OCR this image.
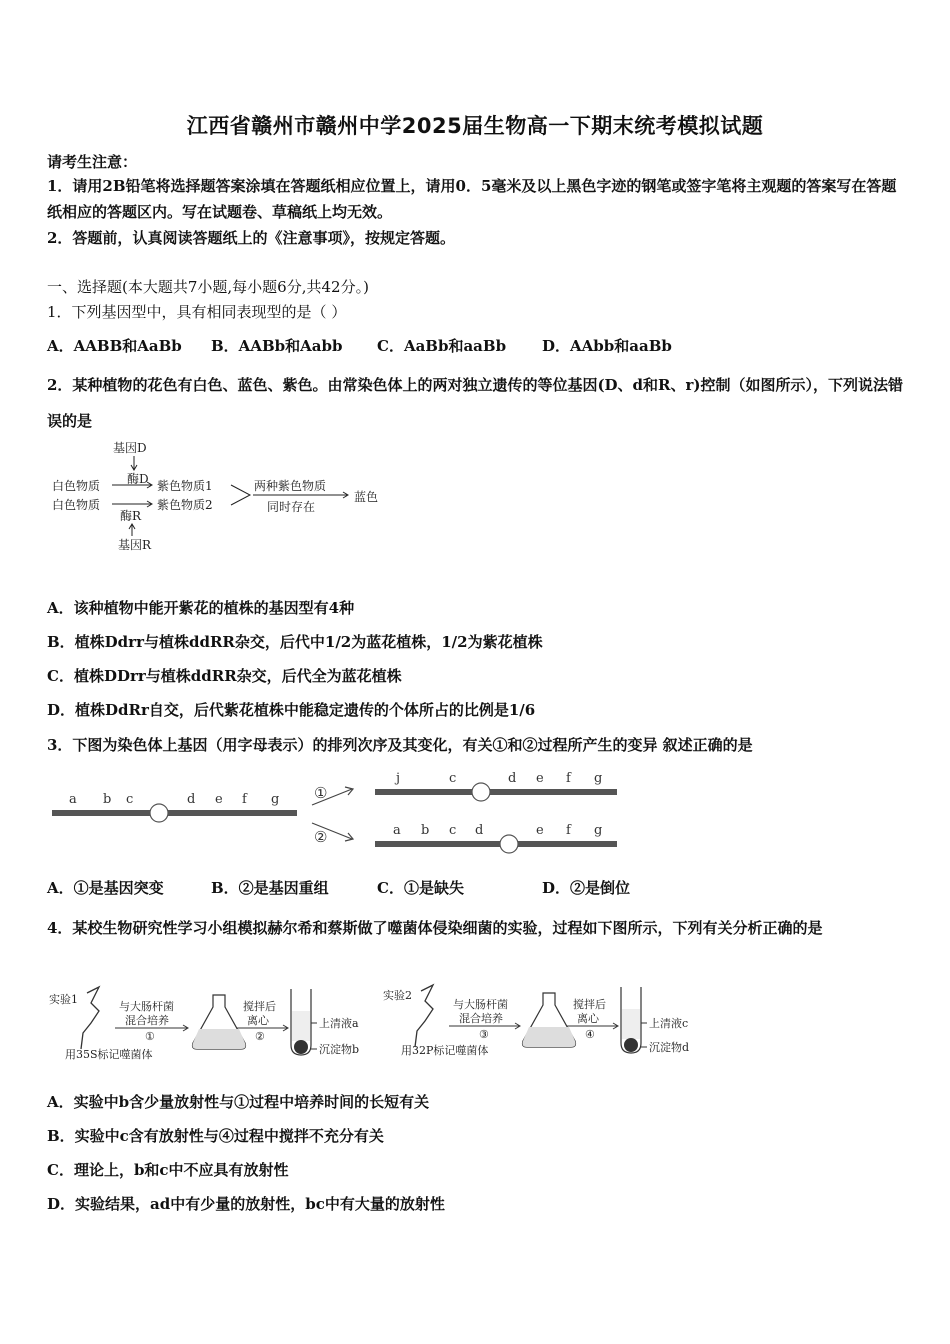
江西省赣州市赣州中学2025届生物高一下期末统考模拟试题
请考生注意：
1．请用2B铅笔将选择题答案涂填在答题纸相应位置上，请用0．5毫米及以上黑色字迹的钢笔或签字笔将主观题的答案写在答题纸相应的答题区内。写在试题卷、草稿纸上均无效。
2．答题前，认真阅读答题纸上的《注意事项》，按规定答题。
一、选择题(本大题共7小题,每小题6分,共42分。)
1．下列基因型中，具有相同表现型的是（ ）
A．AABB和AaBb B．AABb和Aabb C．AaBb和aaBb D．AAbb和aaBb
2．某种植物的花色有白色、蓝色、紫色。由常染色体上的两对独立遗传的等位基因(D、d和R、r)控制（如图所示），下列说法错误的是
基因D
酶D
白色物质
白色物质
紫色物质1
紫色物质2
两种紫色物质
同时存在
蓝色
酶R
基因R
A．该种植物中能开紫花的植株的基因型有4种
B．植株Ddrr与植株ddRR杂交，后代中1/2为蓝花植株，1/2为紫花植株
C．植株DDrr与植株ddRR杂交，后代全为蓝花植株
D．植株DdRr自交，后代紫花植株中能稳定遗传的个体所占的比例是1/6
3．下图为染色体上基因（用字母表示）的排列次序及其变化，有关①和②过程所产生的变异 叙述正确的是
a b c	d e f g ①
②
j	c	d e f g
a b c d	e f g
A．①是基因突变	B．②是基因重组	C．①是缺失	D．②是倒位
4．某校生物研究性学习小组模拟赫尔希和蔡斯做了噬菌体侵染细菌的实验，过程如下图所示，下列有关分析正确的是
实验1
与大肠杆菌
混合培养
①
用35S标记噬菌体
搅拌后
离心
②
上清液a
沉淀物b
实验2
与大肠杆菌
混合培养
③
用32P标记噬菌体
搅拌后
离心
④
上清液c
沉淀物d
A．实验中b含少量放射性与①过程中培养时间的长短有关
B．实验中c含有放射性与④过程中搅拌不充分有关
C．理论上，b和c中不应具有放射性
D．实验结果，ad中有少量的放射性，bc中有大量的放射性
